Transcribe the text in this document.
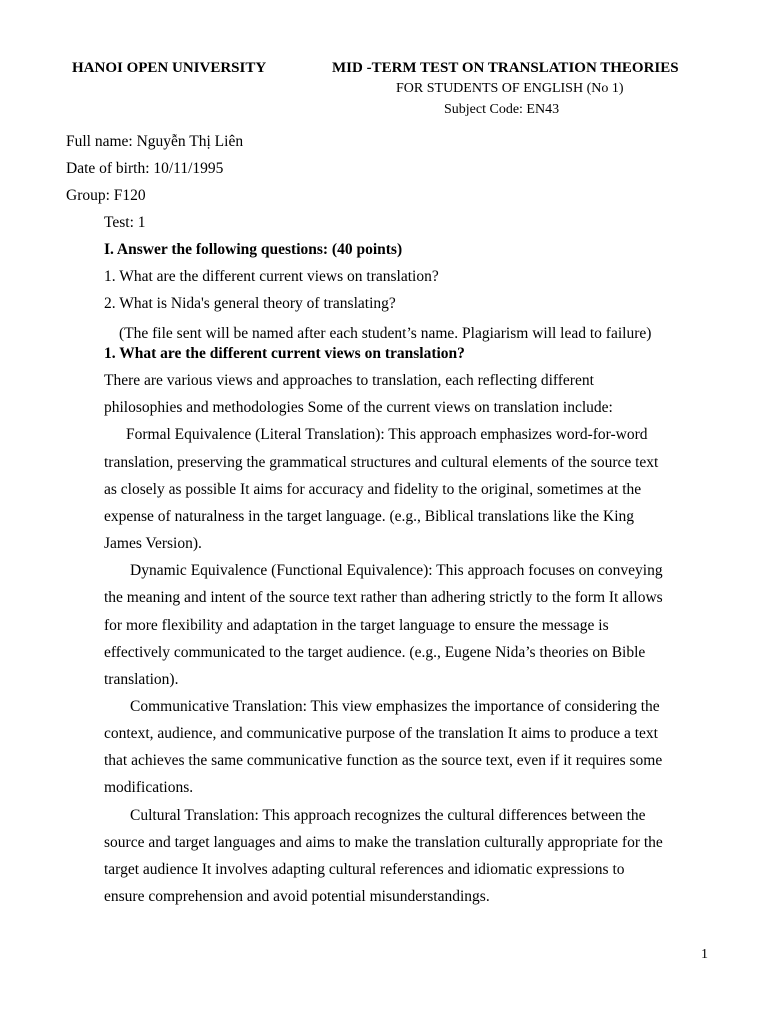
HANOI OPEN UNIVERSITY	MID -TERM TEST ON TRANSLATION THEORIES
FOR STUDENTS OF ENGLISH (No 1)
Subject Code: EN43
Full name: Nguyễn Thị Liên
Date of birth: 10/11/1995
Group: F120
Test: 1
I. Answer the following questions: (40 points)
1. What are the different current views on translation?
2. What is Nida's general theory of translating?
(The file sent will be named after each student’s name. Plagiarism will lead to failure)
1. What are the different current views on translation?
There are various views and approaches to translation, each reflecting different
philosophies and methodologies Some of the current views on translation include:
Formal Equivalence (Literal Translation): This approach emphasizes word-for-word
translation, preserving the grammatical structures and cultural elements of the source text
as closely as possible It aims for accuracy and fidelity to the original, sometimes at the
expense of naturalness in the target language. (e.g., Biblical translations like the King
James Version).
Dynamic Equivalence (Functional Equivalence): This approach focuses on conveying
the meaning and intent of the source text rather than adhering strictly to the form It allows
for more flexibility and adaptation in the target language to ensure the message is
effectively communicated to the target audience. (e.g., Eugene Nida’s theories on Bible
translation).
Communicative Translation: This view emphasizes the importance of considering the
context, audience, and communicative purpose of the translation It aims to produce a text
that achieves the same communicative function as the source text, even if it requires some
modifications.
Cultural Translation: This approach recognizes the cultural differences between the
source and target languages and aims to make the translation culturally appropriate for the
target audience It involves adapting cultural references and idiomatic expressions to
ensure comprehension and avoid potential misunderstandings.
1
